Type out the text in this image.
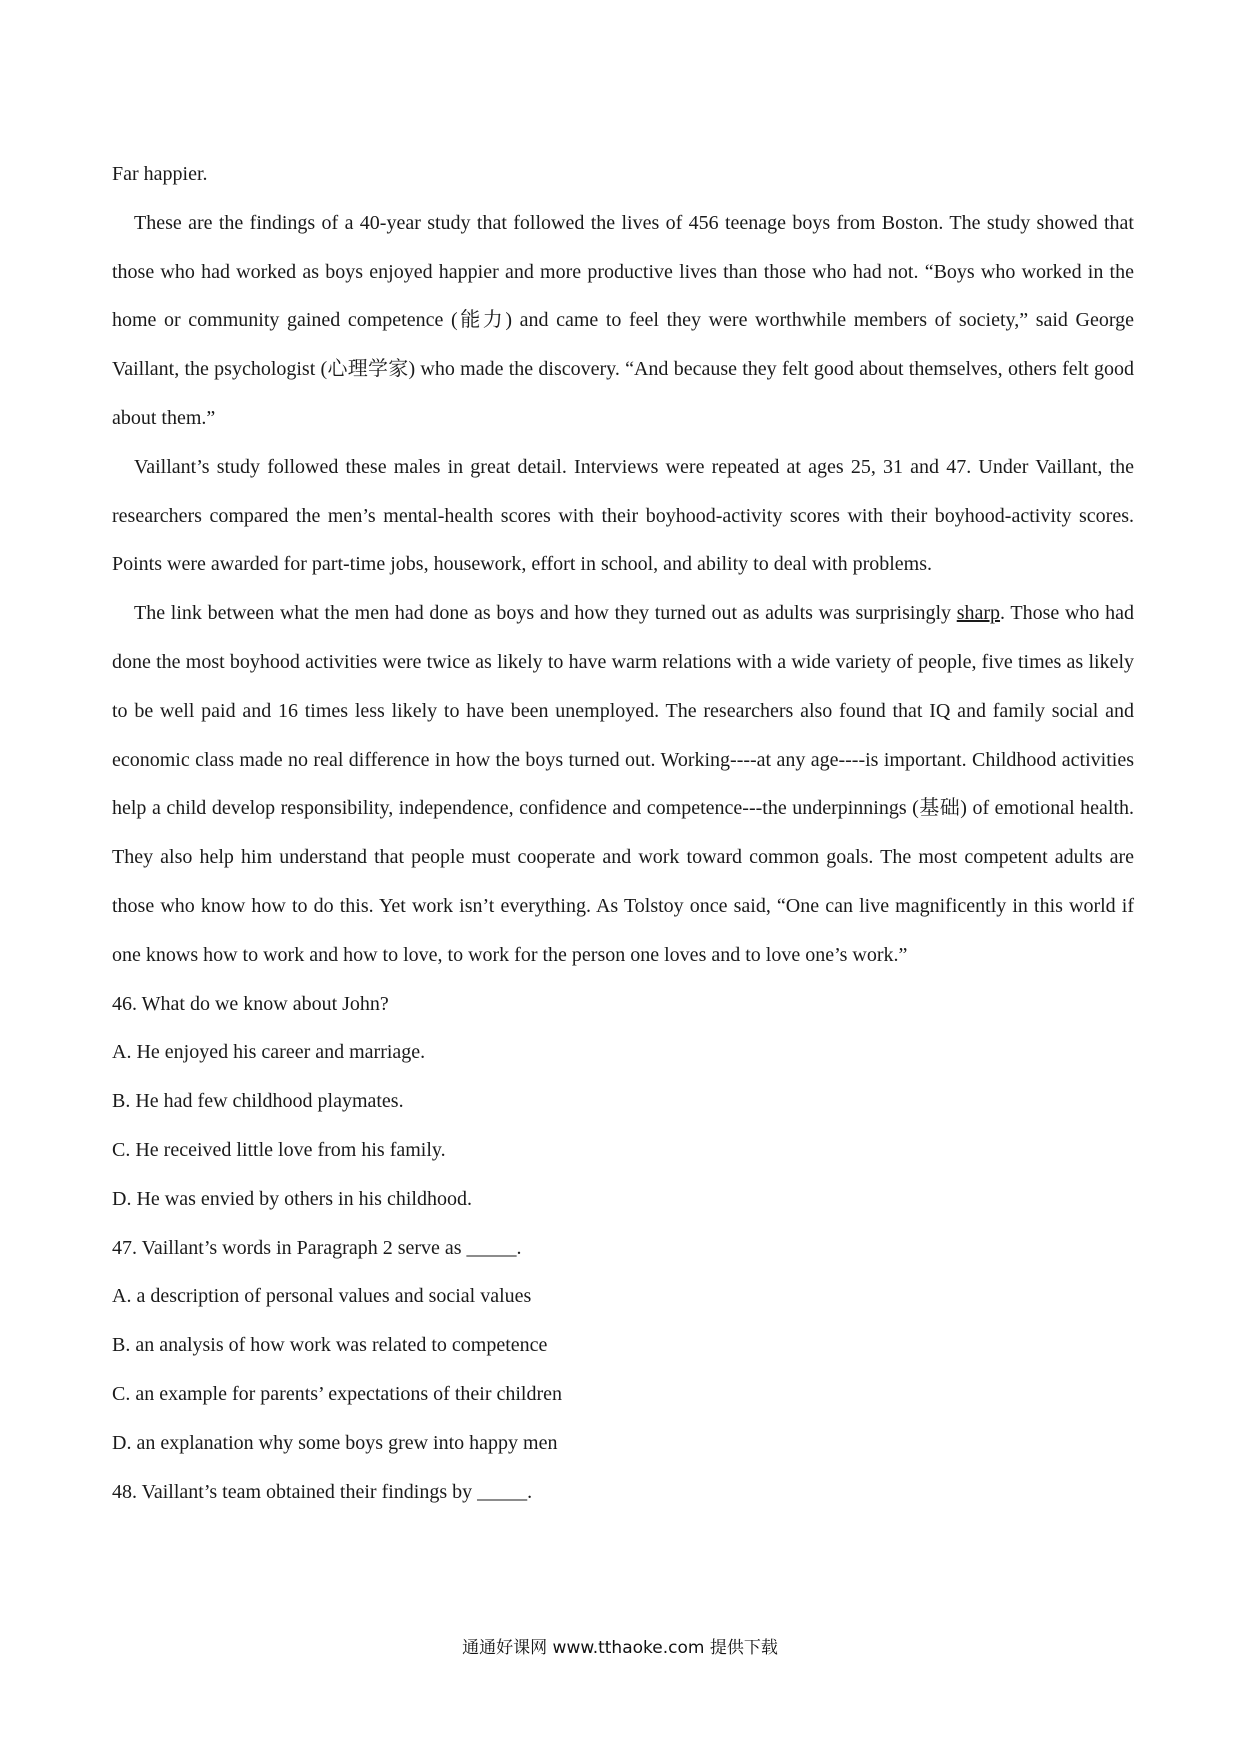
Far happier.

These are the findings of a 40-year study that followed the lives of 456 teenage boys from Boston. The study showed that those who had worked as boys enjoyed happier and more productive lives than those who had not. “Boys who worked in the home or community gained competence (能力) and came to feel they were worthwhile members of society,” said George Vaillant, the psychologist (心理学家) who made the discovery. “And because they felt good about themselves, others felt good about them.”

Vaillant’s study followed these males in great detail. Interviews were repeated at ages 25, 31 and 47. Under Vaillant, the researchers compared the men’s mental-health scores with their boyhood-activity scores with their boyhood-activity scores. Points were awarded for part-time jobs, housework, effort in school, and ability to deal with problems.

The link between what the men had done as boys and how they turned out as adults was surprisingly sharp. Those who had done the most boyhood activities were twice as likely to have warm relations with a wide variety of people, five times as likely to be well paid and 16 times less likely to have been unemployed. The researchers also found that IQ and family social and economic class made no real difference in how the boys turned out. Working----at any age----is important. Childhood activities help a child develop responsibility, independence, confidence and competence---the underpinnings (基础) of emotional health. They also help him understand that people must cooperate and work toward common goals. The most competent adults are those who know how to do this. Yet work isn’t everything. As Tolstoy once said, “One can live magnificently in this world if one knows how to work and how to love, to work for the person one loves and to love one’s work.”

46. What do we know about John?

A. He enjoyed his career and marriage.

B. He had few childhood playmates.

C. He received little love from his family.

D. He was envied by others in his childhood.

47. Vaillant’s words in Paragraph 2 serve as _____.

A. a description of personal values and social values

B. an analysis of how work was related to competence

C. an example for parents’ expectations of their children

D. an explanation why some boys grew into happy men

48. Vaillant’s team obtained their findings by _____.

通通好课网 www.tthaoke.com 提供下载
